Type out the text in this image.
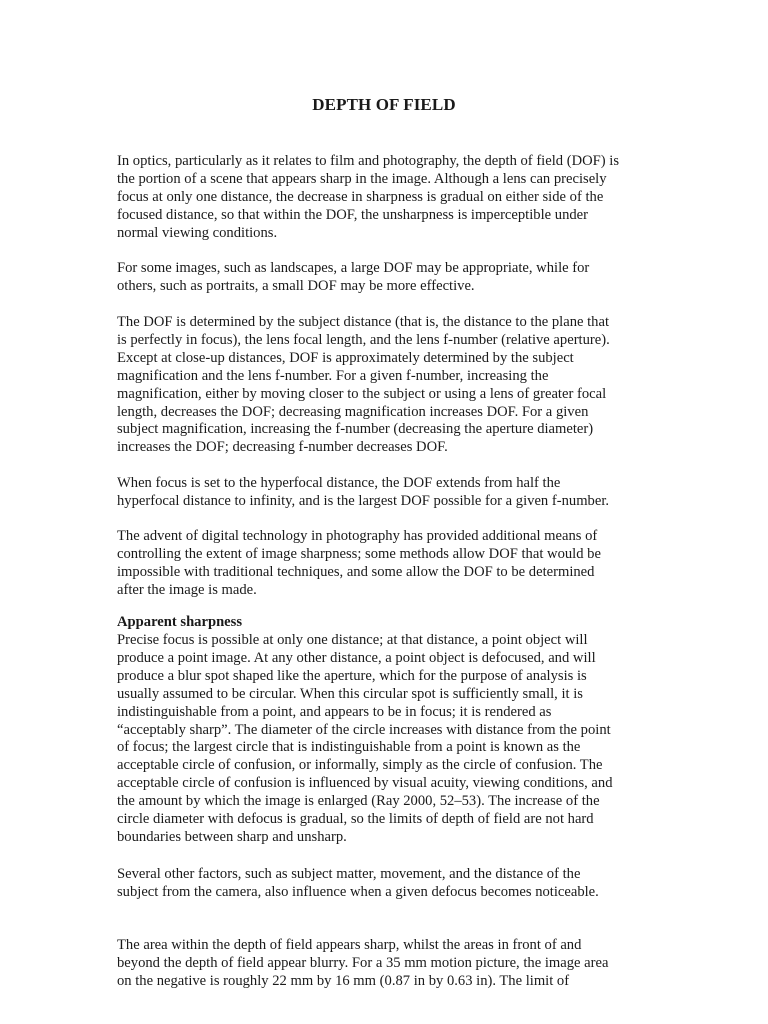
DEPTH OF FIELD

In optics, particularly as it relates to film and photography, the depth of field (DOF) is
the portion of a scene that appears sharp in the image. Although a lens can precisely
focus at only one distance, the decrease in sharpness is gradual on either side of the
focused distance, so that within the DOF, the unsharpness is imperceptible under
normal viewing conditions.

For some images, such as landscapes, a large DOF may be appropriate, while for
others, such as portraits, a small DOF may be more effective.

The DOF is determined by the subject distance (that is, the distance to the plane that
is perfectly in focus), the lens focal length, and the lens f-number (relative aperture).
Except at close-up distances, DOF is approximately determined by the subject
magnification and the lens f-number. For a given f-number, increasing the
magnification, either by moving closer to the subject or using a lens of greater focal
length, decreases the DOF; decreasing magnification increases DOF. For a given
subject magnification, increasing the f-number (decreasing the aperture diameter)
increases the DOF; decreasing f-number decreases DOF.

When focus is set to the hyperfocal distance, the DOF extends from half the
hyperfocal distance to infinity, and is the largest DOF possible for a given f-number.

The advent of digital technology in photography has provided additional means of
controlling the extent of image sharpness; some methods allow DOF that would be
impossible with traditional techniques, and some allow the DOF to be determined
after the image is made.

Apparent sharpness

Precise focus is possible at only one distance; at that distance, a point object will
produce a point image. At any other distance, a point object is defocused, and will
produce a blur spot shaped like the aperture, which for the purpose of analysis is
usually assumed to be circular. When this circular spot is sufficiently small, it is
indistinguishable from a point, and appears to be in focus; it is rendered as
“acceptably sharp”. The diameter of the circle increases with distance from the point
of focus; the largest circle that is indistinguishable from a point is known as the
acceptable circle of confusion, or informally, simply as the circle of confusion. The
acceptable circle of confusion is influenced by visual acuity, viewing conditions, and
the amount by which the image is enlarged (Ray 2000, 52–53). The increase of the
circle diameter with defocus is gradual, so the limits of depth of field are not hard
boundaries between sharp and unsharp.

Several other factors, such as subject matter, movement, and the distance of the
subject from the camera, also influence when a given defocus becomes noticeable.

The area within the depth of field appears sharp, whilst the areas in front of and
beyond the depth of field appear blurry. For a 35 mm motion picture, the image area
on the negative is roughly 22 mm by 16 mm (0.87 in by 0.63 in). The limit of
